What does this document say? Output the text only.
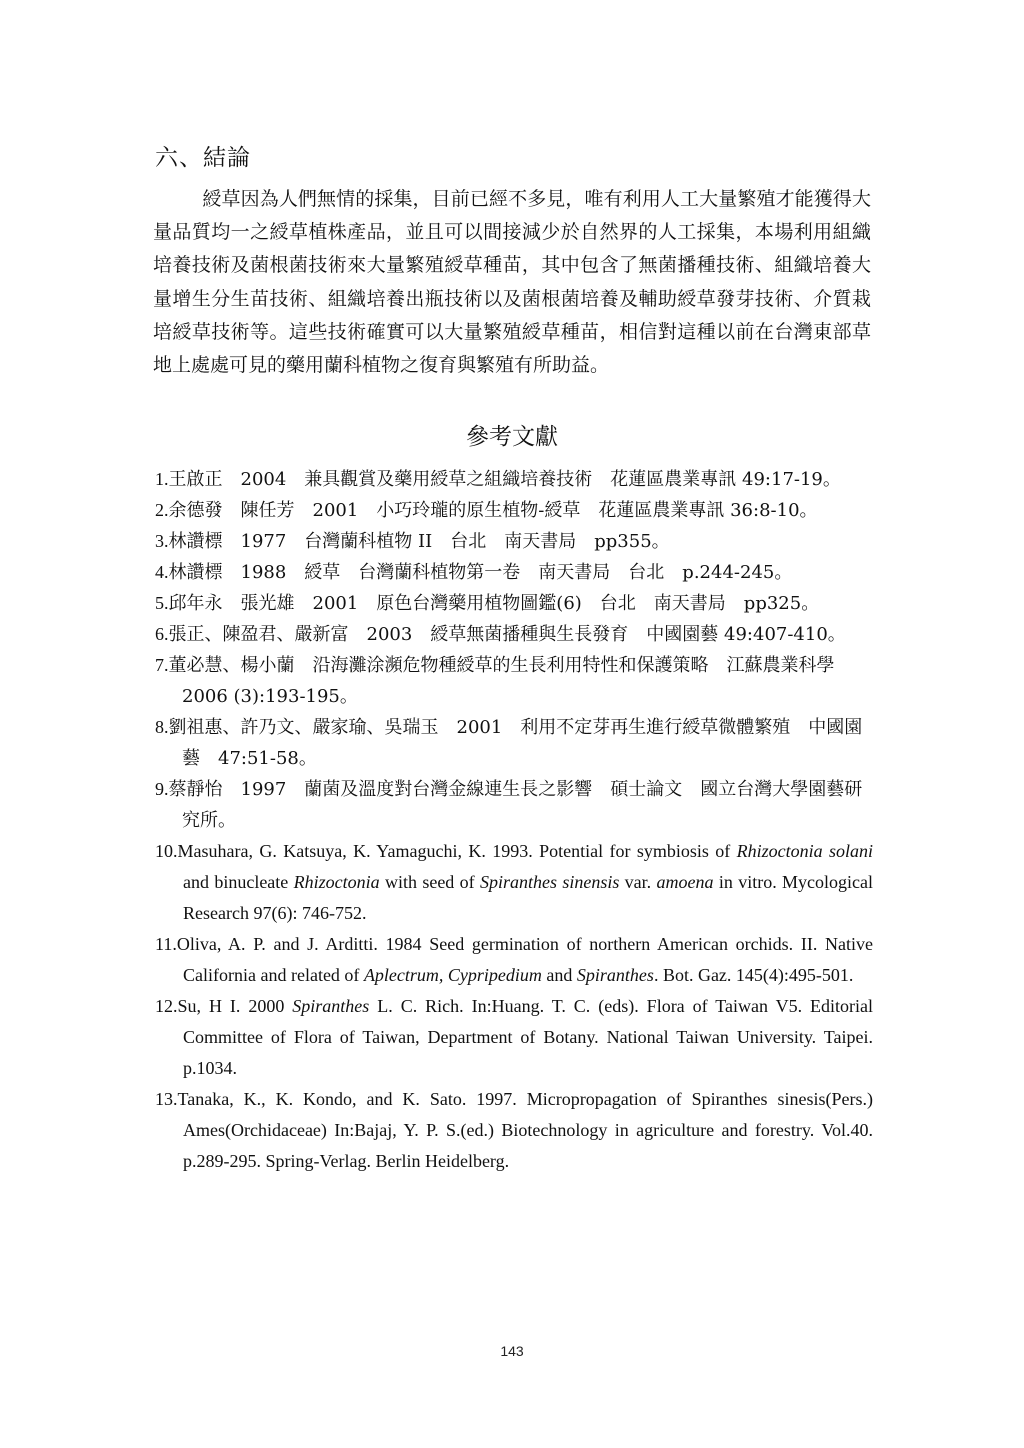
六、結論

綬草因為人們無情的採集，目前已經不多見，唯有利用人工大量繁殖才能獲得大量品質均一之綬草植株產品，並且可以間接減少於自然界的人工採集，本場利用組織培養技術及菌根菌技術來大量繁殖綬草種苗，其中包含了無菌播種技術、組織培養大量增生分生苗技術、組織培養出瓶技術以及菌根菌培養及輔助綬草發芽技術、介質栽培綬草技術等。這些技術確實可以大量繁殖綬草種苗，相信對這種以前在台灣東部草地上處處可見的藥用蘭科植物之復育與繁殖有所助益。

參考文獻
1.王啟正　2004　兼具觀賞及藥用綬草之組織培養技術　花蓮區農業專訊 49:17-19。
2.余德發　陳任芳　2001　小巧玲瓏的原生植物-綬草　花蓮區農業專訊 36:8-10。
3.林讚標　1977　台灣蘭科植物 II　台北　南天書局　pp355。
4.林讚標　1988　綬草　台灣蘭科植物第一卷　南天書局　台北　p.244-245。
5.邱年永　張光雄　2001　原色台灣藥用植物圖鑑(6)　台北　南天書局　pp325。
6.張正、陳盈君、嚴新富　2003　綬草無菌播種與生長發育　中國園藝 49:407-410。
7.董必慧、楊小蘭　沿海灘涂瀕危物種綬草的生長利用特性和保護策略　江蘇農業科學　2006 (3):193-195。
8.劉祖惠、許乃文、嚴家瑜、吳瑞玉　2001　利用不定芽再生進行綬草微體繁殖　中國園藝　47:51-58。
9.蔡靜怡　1997　蘭菌及溫度對台灣金線連生長之影響　碩士論文　國立台灣大學園藝研究所。
10.Masuhara, G. Katsuya, K. Yamaguchi, K. 1993. Potential for symbiosis of Rhizoctonia solani and binucleate Rhizoctonia with seed of Spiranthes sinensis var. amoena in vitro. Mycological Research 97(6): 746-752.
11.Oliva, A. P. and J. Arditti. 1984 Seed germination of northern American orchids. II. Native California and related of Aplectrum, Cypripedium and Spiranthes. Bot. Gaz. 145(4):495-501.
12.Su, H I. 2000 Spiranthes L. C. Rich. In:Huang. T. C. (eds). Flora of Taiwan V5. Editorial Committee of Flora of Taiwan, Department of Botany. National Taiwan University. Taipei. p.1034.
13.Tanaka, K., K. Kondo, and K. Sato. 1997. Micropropagation of Spiranthes sinesis(Pers.) Ames(Orchidaceae) In:Bajaj, Y. P. S.(ed.) Biotechnology in agriculture and forestry. Vol.40. p.289-295. Spring-Verlag. Berlin Heidelberg.
143
